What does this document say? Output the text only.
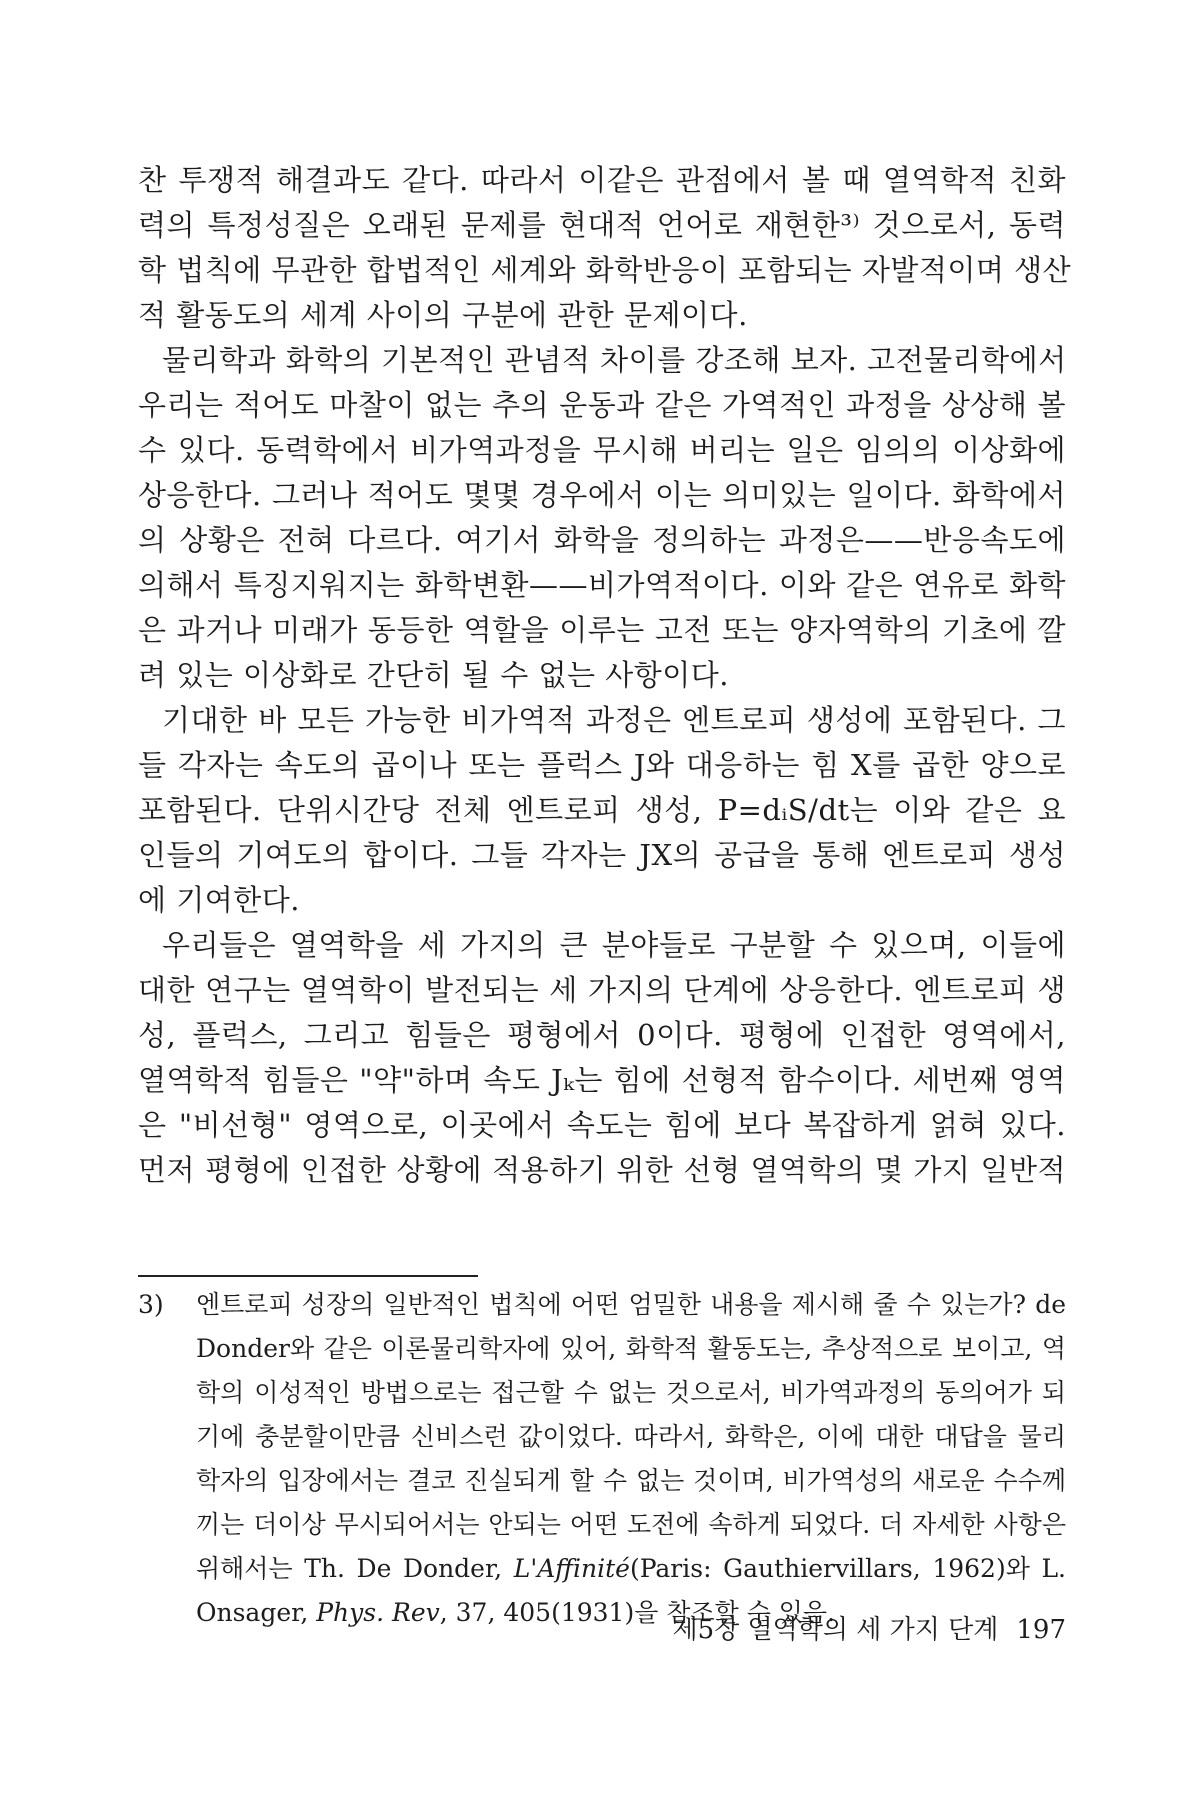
찬 투쟁적 해결과도 같다. 따라서 이같은 관점에서 볼 때 열역학적 친화
력의 특정성질은 오래된 문제를 현대적 언어로 재현한³⁾ 것으로서, 동력
학 법칙에 무관한 합법적인 세계와 화학반응이 포함되는 자발적이며 생산
적 활동도의 세계 사이의 구분에 관한 문제이다.
물리학과 화학의 기본적인 관념적 차이를 강조해 보자. 고전물리학에서
우리는 적어도 마찰이 없는 추의 운동과 같은 가역적인 과정을 상상해 볼
수 있다. 동력학에서 비가역과정을 무시해 버리는 일은 임의의 이상화에
상응한다. 그러나 적어도 몇몇 경우에서 이는 의미있는 일이다. 화학에서
의 상황은 전혀 다르다. 여기서 화학을 정의하는 과정은——반응속도에
의해서 특징지워지는 화학변환——비가역적이다. 이와 같은 연유로 화학
은 과거나 미래가 동등한 역할을 이루는 고전 또는 양자역학의 기초에 깔
려 있는 이상화로 간단히 될 수 없는 사항이다.
기대한 바 모든 가능한 비가역적 과정은 엔트로피 생성에 포함된다. 그
들 각자는 속도의 곱이나 또는 플럭스 J와 대응하는 힘 X를 곱한 양으로
포함된다. 단위시간당 전체 엔트로피 생성, P=dᵢS/dt는 이와 같은 요
인들의 기여도의 합이다. 그들 각자는 JX의 공급을 통해 엔트로피 생성
에 기여한다.
우리들은 열역학을 세 가지의 큰 분야들로 구분할 수 있으며, 이들에
대한 연구는 열역학이 발전되는 세 가지의 단계에 상응한다. 엔트로피 생
성, 플럭스, 그리고 힘들은 평형에서 0이다. 평형에 인접한 영역에서,
열역학적 힘들은 "약"하며 속도 Jₖ는 힘에 선형적 함수이다. 세번째 영역
은 "비선형" 영역으로, 이곳에서 속도는 힘에 보다 복잡하게 얽혀 있다.
먼저 평형에 인접한 상황에 적용하기 위한 선형 열역학의 몇 가지 일반적
3)	엔트로피 성장의 일반적인 법칙에 어떤 엄밀한 내용을 제시해 줄 수 있는가? de
Donder와 같은 이론물리학자에 있어, 화학적 활동도는, 추상적으로 보이고, 역
학의 이성적인 방법으로는 접근할 수 없는 것으로서, 비가역과정의 동의어가 되
기에 충분할이만큼 신비스런 값이었다. 따라서, 화학은, 이에 대한 대답을 물리
학자의 입장에서는 결코 진실되게 할 수 없는 것이며, 비가역성의 새로운 수수께
끼는 더이상 무시되어서는 안되는 어떤 도전에 속하게 되었다. 더 자세한 사항은
위해서는 Th. De Donder, L'Affinité(Paris: Gauthiervillars, 1962)와 L.
Onsager, Phys. Rev, 37, 405(1931)을 참조할 수 있음.
제5장 열역학의 세 가지 단계 197
